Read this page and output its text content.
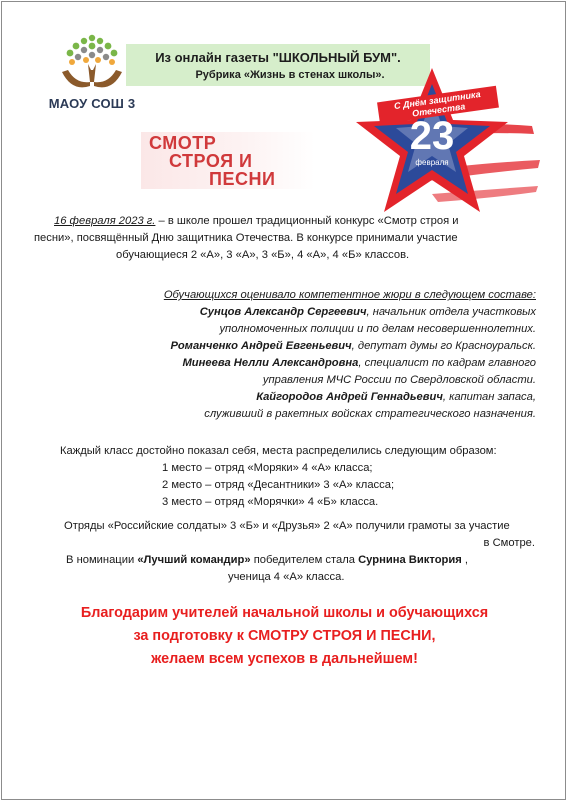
МАОУ СОШ 3
Из онлайн газеты "ШКОЛЬНЫЙ БУМ".
Рубрика «Жизнь в стенах школы».
СМОТР
СТРОЯ И
ПЕСНИ
С Днём защитника Отечества
23
февраля
16 февраля 2023 г. – в школе прошел традиционный конкурс «Смотр строя и
песни», посвящённый Дню защитника Отечества. В конкурсе принимали участие
обучающиеся 2 «А», 3 «А», 3 «Б», 4 «А», 4 «Б» классов.
Обучающихся оценивало компетентное жюри в следующем составе:
Сунцов Александр Сергеевич, начальник отдела участковых
уполномоченных полиции и по делам несовершеннолетних.
Романченко Андрей Евгеньевич, депутат думы го Красноуральск.
Минеева Нелли Александровна, специалист по кадрам главного
управления МЧС России по Свердловской области.
Кайгородов Андрей Геннадьевич, капитан запаса,
служивший в ракетных войсках стратегического назначения.
Каждый класс достойно показал себя, места распределились следующим образом:
1 место – отряд «Моряки» 4 «А» класса;
2 место – отряд «Десантники» 3 «А» класса;
3 место – отряд «Морячки» 4 «Б» класса.
Отряды «Российские солдаты» 3 «Б» и «Друзья» 2 «А» получили грамоты за участие
в Смотре.
В номинации «Лучший командир» победителем стала Сурнина Виктория ,
ученица 4 «А» класса.
Благодарим учителей начальной школы и обучающихся
за подготовку к СМОТРУ СТРОЯ И ПЕСНИ,
желаем всем успехов в дальнейшем!
